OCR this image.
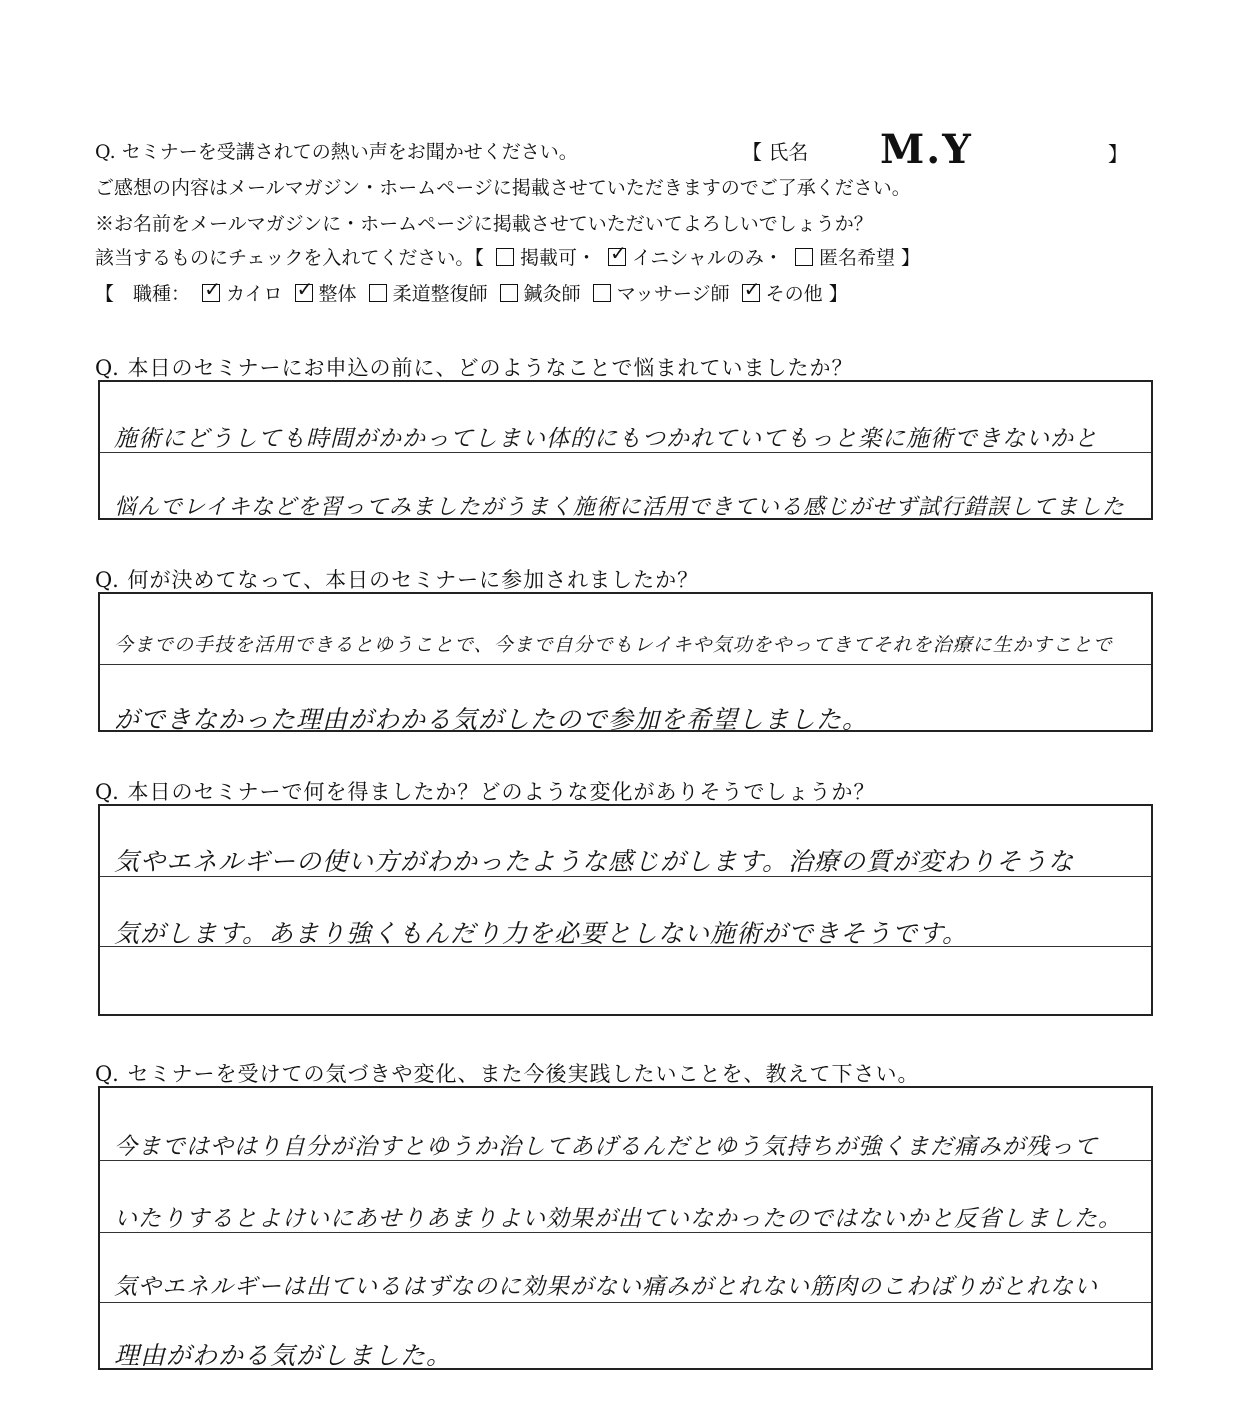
Q. セミナーを受講されての熱い声をお聞かせください。	【 氏名 M.Y	】
ご感想の内容はメールマガジン・ホームページに掲載させていただきますのでご了承ください。
※お名前をメールマガジンに・ホームページに掲載させていただいてよろしいでしょうか？
該当するものにチェックを入れてください。【 掲載可・ ✓ イニシャルのみ・ 匿名希望 】
【　職種： ✓ カイロ ✓ 整体 柔道整復師 鍼灸師 マッサージ師 ✓ その他 】
Q. 本日のセミナーにお申込の前に、どのようなことで悩まれていましたか？
施術にどうしても時間がかかってしまい体的にもつかれていてもっと楽に施術できないかと
悩んでレイキなどを習ってみましたがうまく施術に活用できている感じがせず試行錯誤してました
Q. 何が決めてなって、本日のセミナーに参加されましたか？
今までの手技を活用できるとゆうことで、今まで自分でもレイキや気功をやってきてそれを治療に生かすことで
ができなかった理由がわかる気がしたので参加を希望しました。
Q. 本日のセミナーで何を得ましたか？どのような変化がありそうでしょうか？
気やエネルギーの使い方がわかったような感じがします。治療の質が変わりそうな
気がします。あまり強くもんだり力を必要としない施術ができそうです。
Q. セミナーを受けての気づきや変化、また今後実践したいことを、教えて下さい。
今まではやはり自分が治すとゆうか治してあげるんだとゆう気持ちが強くまだ痛みが残って
いたりするとよけいにあせりあまりよい効果が出ていなかったのではないかと反省しました。
気やエネルギーは出ているはずなのに効果がない痛みがとれない筋肉のこわばりがとれない
理由がわかる気がしました。
